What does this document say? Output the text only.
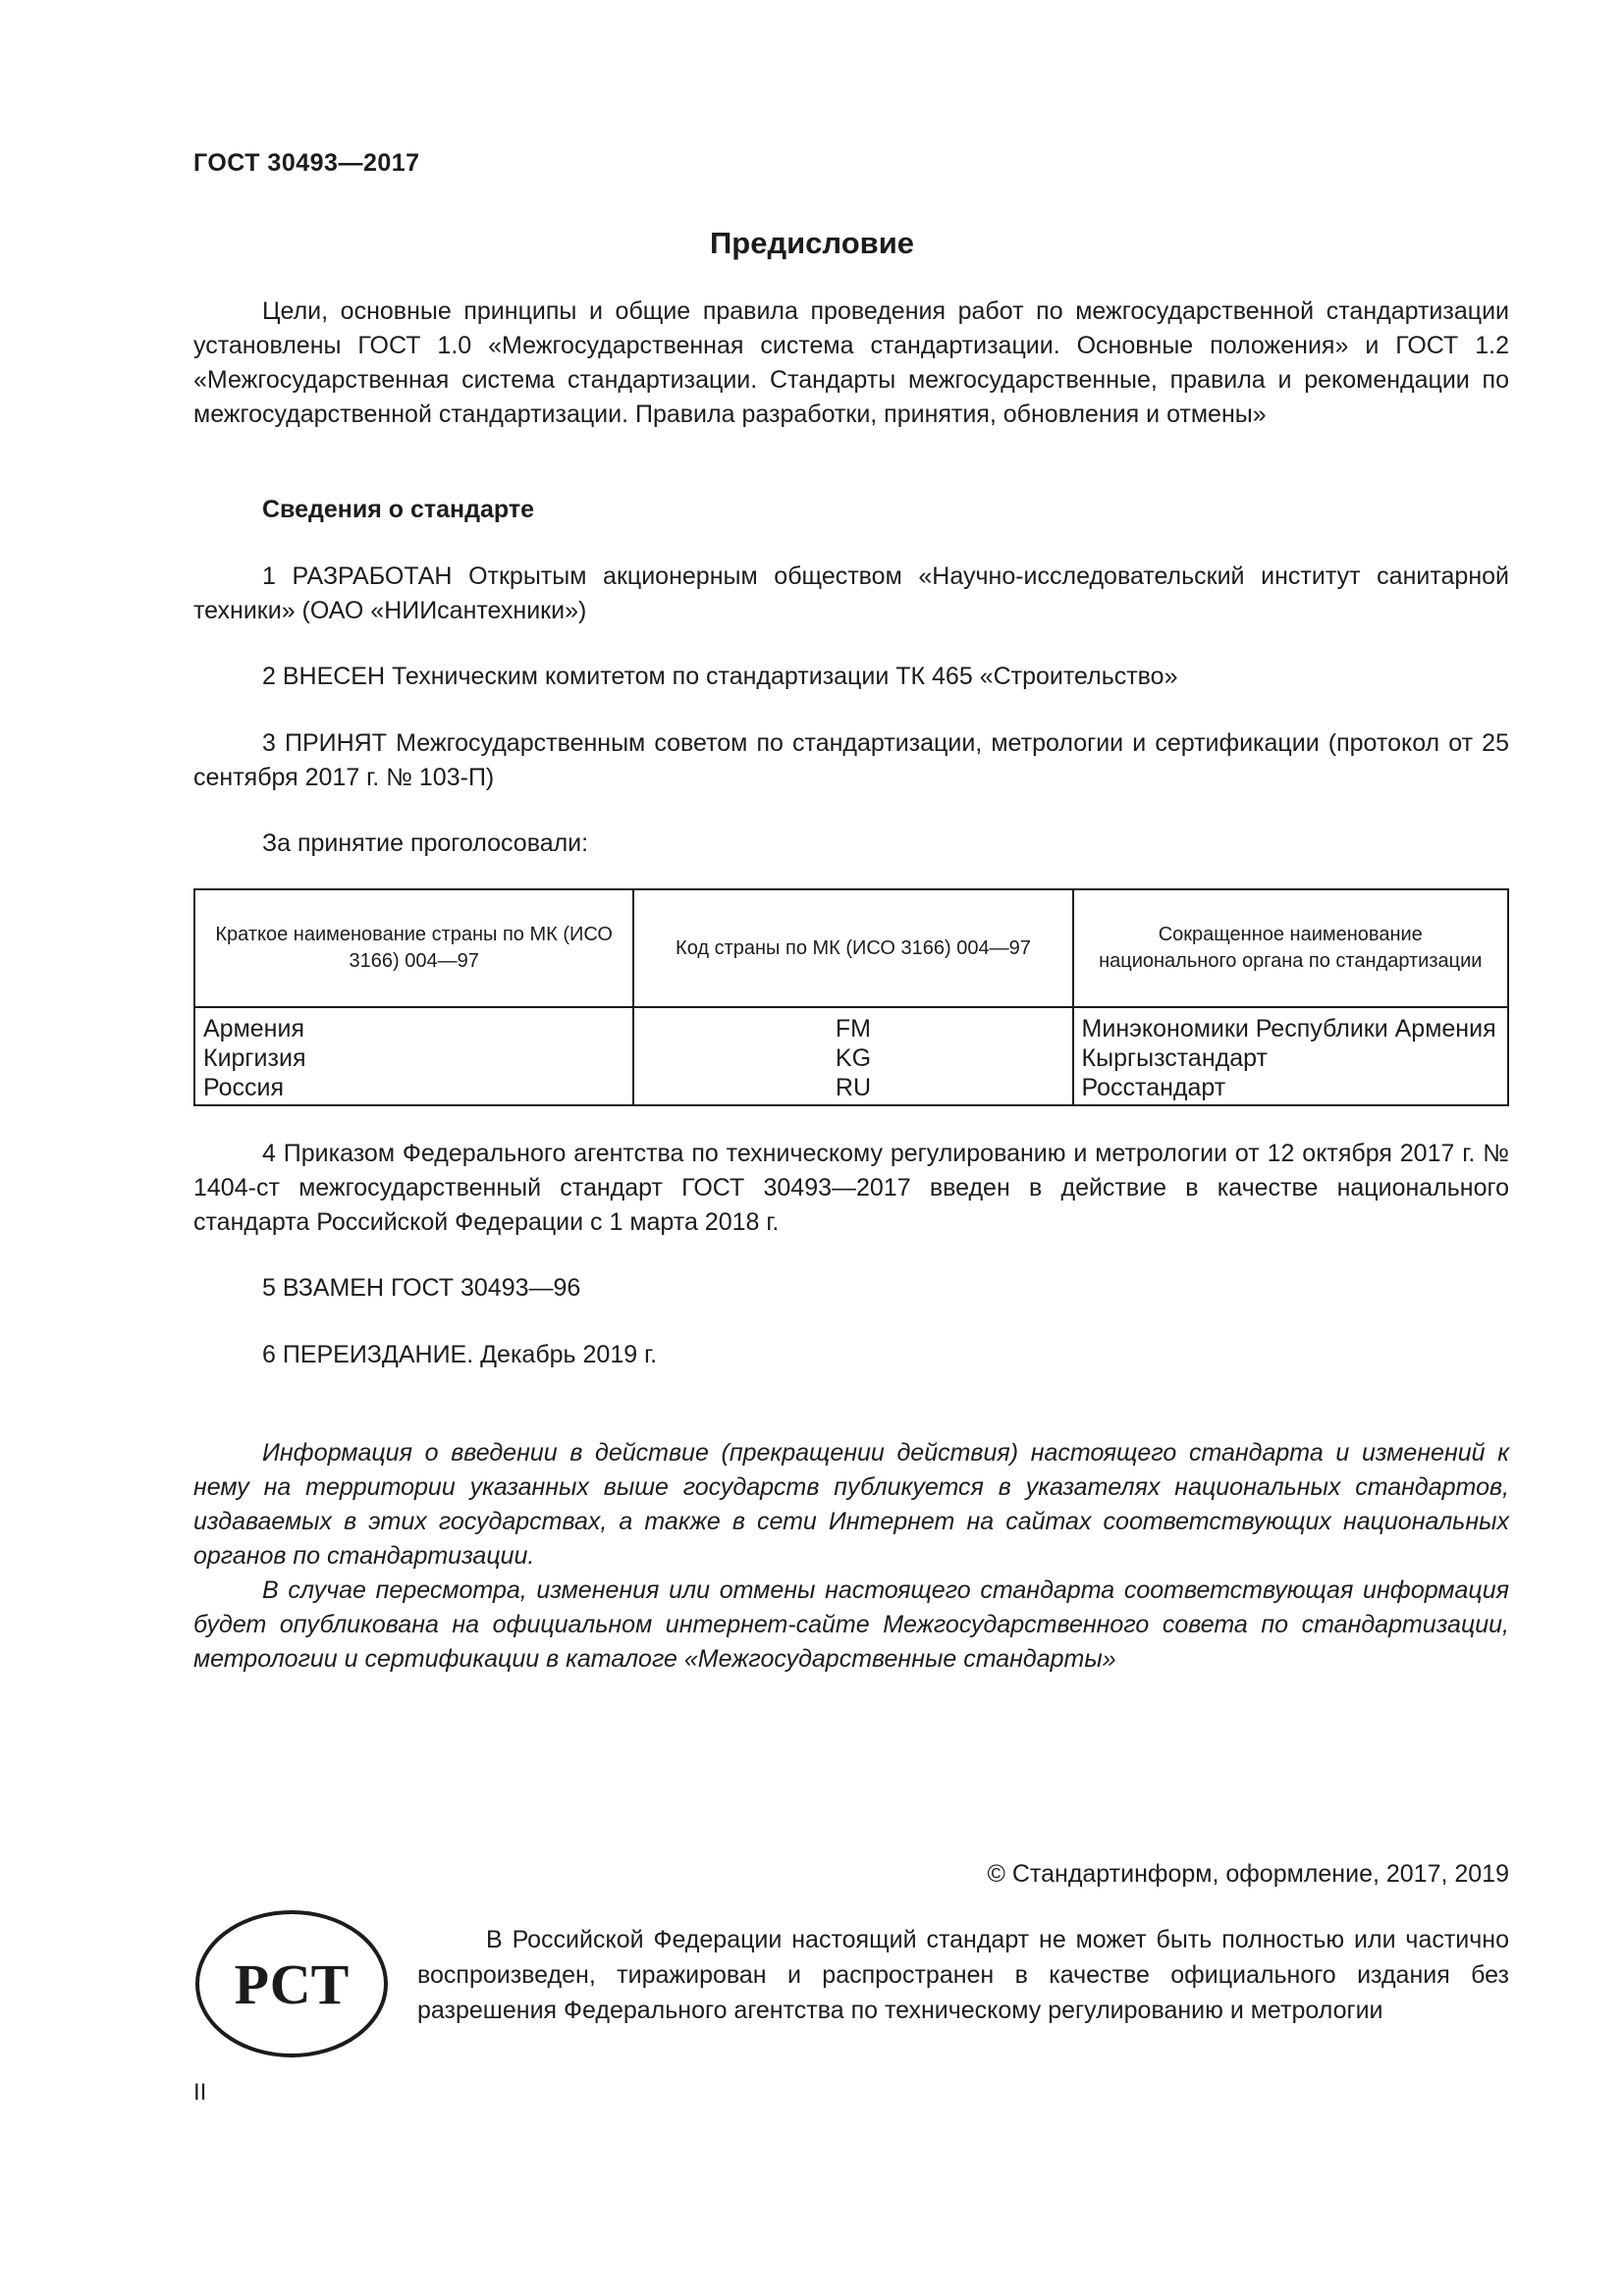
ГОСТ 30493—2017
Предисловие

Цели, основные принципы и общие правила проведения работ по межгосударственной стандартизации установлены ГОСТ 1.0 «Межгосударственная система стандартизации. Основные положения» и ГОСТ 1.2 «Межгосударственная система стандартизации. Стандарты межгосударственные, правила и рекомендации по межгосударственной стандартизации. Правила разработки, принятия, обновления и отмены»

Сведения о стандарте

1 РАЗРАБОТАН Открытым акционерным обществом «Научно-исследовательский институт санитарной техники» (ОАО «НИИсантехники»)

2 ВНЕСЕН Техническим комитетом по стандартизации ТК 465 «Строительство»

3 ПРИНЯТ Межгосударственным советом по стандартизации, метрологии и сертификации (протокол от 25 сентября 2017 г. № 103-П)

За принятие проголосовали:

Краткое наименование страны по МК (ИСО 3166) 004—97	Код страны по МК (ИСО 3166) 004—97	Сокращенное наименование национального органа по стандартизации
Армения	FM	Минэкономики Республики Армения
Киргизия	KG	Кыргызстандарт
Россия	RU	Росстандарт

4 Приказом Федерального агентства по техническому регулированию и метрологии от 12 октября 2017 г. № 1404-ст межгосударственный стандарт ГОСТ 30493—2017 введен в действие в качестве национального стандарта Российской Федерации с 1 марта 2018 г.

5 ВЗАМЕН ГОСТ 30493—96

6 ПЕРЕИЗДАНИЕ. Декабрь 2019 г.

Информация о введении в действие (прекращении действия) настоящего стандарта и изменений к нему на территории указанных выше государств публикуется в указателях национальных стандартов, издаваемых в этих государствах, а также в сети Интернет на сайтах соответствующих национальных органов по стандартизации.

В случае пересмотра, изменения или отмены настоящего стандарта соответствующая информация будет опубликована на официальном интернет-сайте Межгосударственного совета по стандартизации, метрологии и сертификации в каталоге «Межгосударственные стандарты»

© Стандартинформ, оформление, 2017, 2019
РСТ

В Российской Федерации настоящий стандарт не может быть полностью или частично воспроизведен, тиражирован и распространен в качестве официального издания без разрешения Федерального агентства по техническому регулированию и метрологии

II
